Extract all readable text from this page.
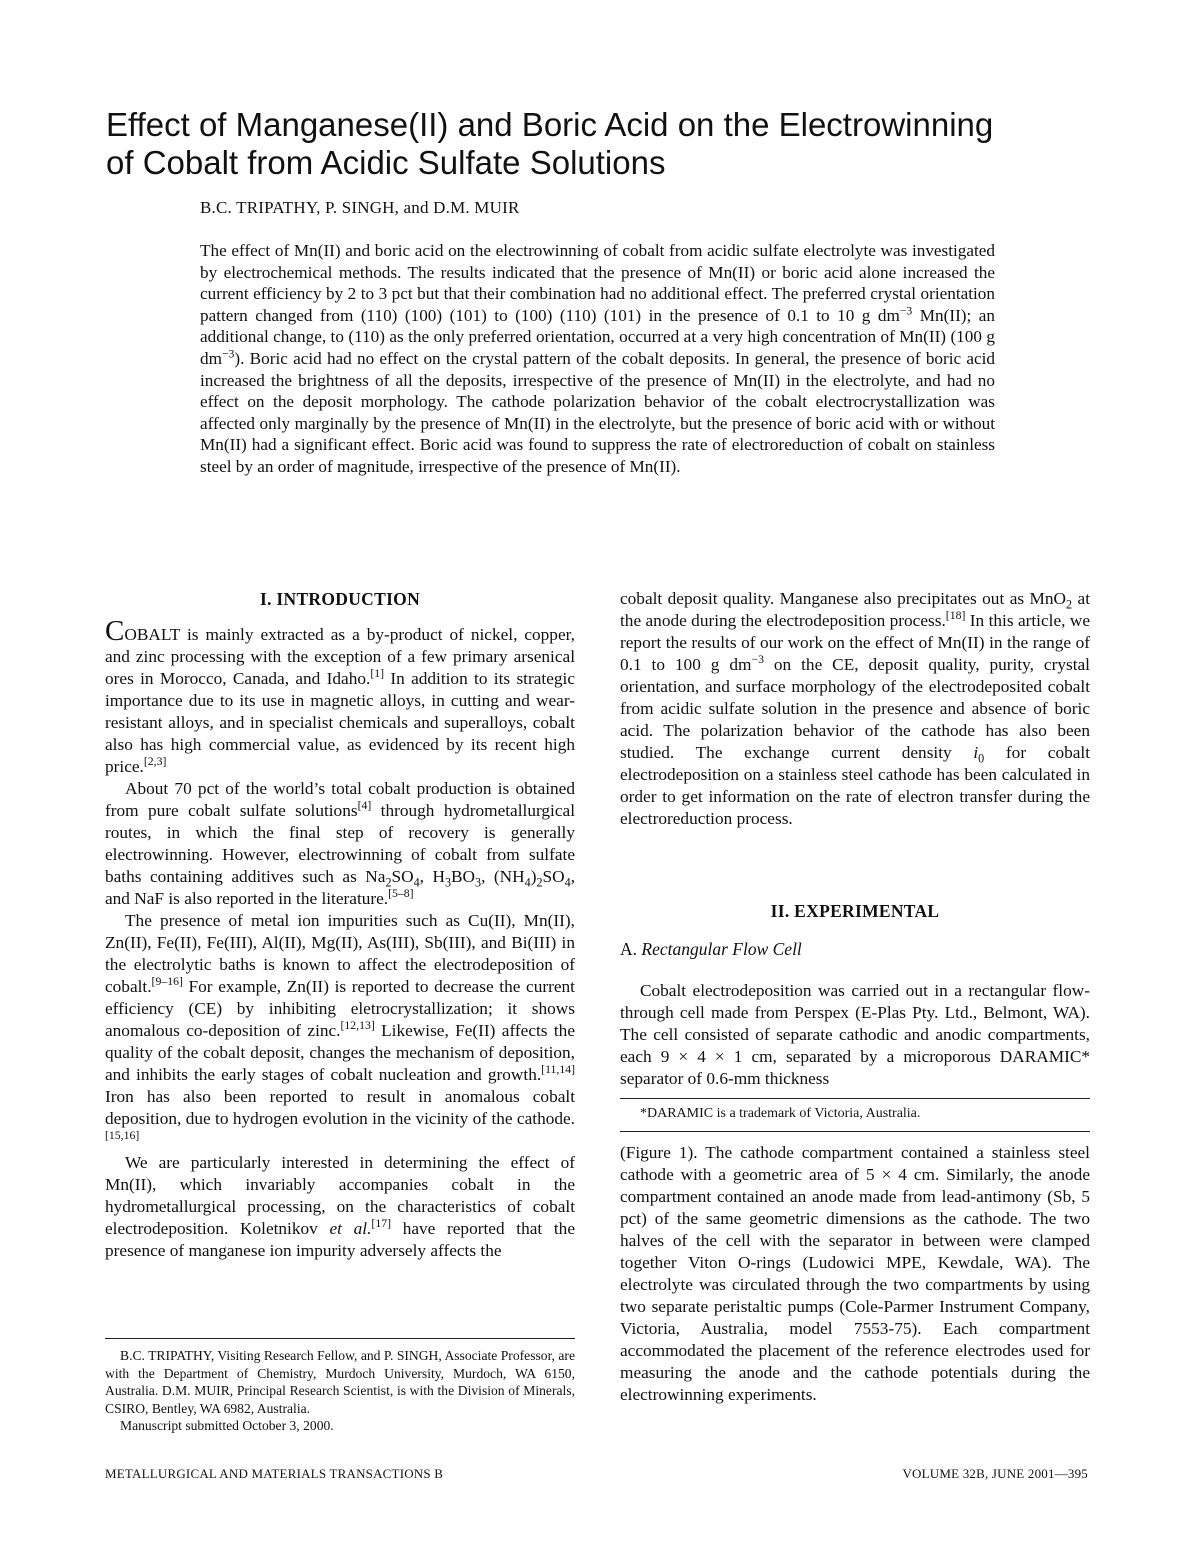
Effect of Manganese(II) and Boric Acid on the Electrowinning
of Cobalt from Acidic Sulfate Solutions
B.C. TRIPATHY, P. SINGH, and D.M. MUIR
The effect of Mn(II) and boric acid on the electrowinning of cobalt from acidic sulfate electrolyte was investigated by electrochemical methods. The results indicated that the presence of Mn(II) or boric acid alone increased the current efficiency by 2 to 3 pct but that their combination had no additional effect. The preferred crystal orientation pattern changed from (110) (100) (101) to (100) (110) (101) in the presence of 0.1 to 10 g $dm^{-3}$ Mn(II); an additional change, to (110) as the only preferred orientation, occurred at a very high concentration of Mn(II) (100 g $dm^{-3}$). Boric acid had no effect on the crystal pattern of the cobalt deposits. In general, the presence of boric acid increased the brightness of all the deposits, irrespective of the presence of Mn(II) in the electrolyte, and had no effect on the deposit morphology. The cathode polarization behavior of the cobalt electrocrystallization was affected only marginally by the presence of Mn(II) in the electrolyte, but the presence of boric acid with or without Mn(II) had a significant effect. Boric acid was found to suppress the rate of electroreduction of cobalt on stainless steel by an order of magnitude, irrespective of the presence of Mn(II).
I. INTRODUCTION

COBALT is mainly extracted as a by-product of nickel, copper, and zinc processing with the exception of a few primary arsenical ores in Morocco, Canada, and Idaho.[1] In addition to its strategic importance due to its use in magnetic alloys, in cutting and wear-resistant alloys, and in specialist chemicals and superalloys, cobalt also has high commercial value, as evidenced by its recent high price.[2,3]

About 70 pct of the world’s total cobalt production is obtained from pure cobalt sulfate solutions[4] through hydrometallurgical routes, in which the final step of recovery is generally electrowinning. However, electrowinning of cobalt from sulfate baths containing additives such as $Na_2SO_4$, $H_3BO_3$, $(NH_4)_2SO_4$, and NaF is also reported in the literature.[5–8]

The presence of metal ion impurities such as Cu(II), Mn(II), Zn(II), Fe(II), Fe(III), Al(II), Mg(II), As(III), Sb(III), and Bi(III) in the electrolytic baths is known to affect the electrodeposition of cobalt.[9–16] For example, Zn(II) is reported to decrease the current efficiency (CE) by inhibiting eletrocrystallization; it shows anomalous co-deposition of zinc.[12,13] Likewise, Fe(II) affects the quality of the cobalt deposit, changes the mechanism of deposition, and inhibits the early stages of cobalt nucleation and growth.[11,14] Iron has also been reported to result in anomalous cobalt deposition, due to hydrogen evolution in the vicinity of the cathode.[15,16]

We are particularly interested in determining the effect of Mn(II), which invariably accompanies cobalt in the hydrometallurgical processing, on the characteristics of cobalt electrodeposition. Koletnikov et al.[17] have reported that the presence of manganese ion impurity adversely affects the

cobalt deposit quality. Manganese also precipitates out as MnO$_2$ at the anode during the electrodeposition process.[18] In this article, we report the results of our work on the effect of Mn(II) in the range of 0.1 to 100 g $dm^{-3}$ on the CE, deposit quality, purity, crystal orientation, and surface morphology of the electrodeposited cobalt from acidic sulfate solution in the presence and absence of boric acid. The polarization behavior of the cathode has also been studied. The exchange current density $i_0$ for cobalt electrodeposition on a stainless steel cathode has been calculated in order to get information on the rate of electron transfer during the electroreduction process.

II. EXPERIMENTAL
A. Rectangular Flow Cell

Cobalt electrodeposition was carried out in a rectangular flow-through cell made from Perspex (E-Plas Pty. Ltd., Belmont, WA). The cell consisted of separate cathodic and anodic compartments, each 9 × 4 × 1 cm, separated by a microporous DARAMIC* separator of 0.6-mm thickness

*DARAMIC is a trademark of Victoria, Australia.

(Figure 1). The cathode compartment contained a stainless steel cathode with a geometric area of 5 × 4 cm. Similarly, the anode compartment contained an anode made from lead-antimony (Sb, 5 pct) of the same geometric dimensions as the cathode. The two halves of the cell with the separator in between were clamped together Viton O-rings (Ludowici MPE, Kewdale, WA). The electrolyte was circulated through the two compartments by using two separate peristaltic pumps (Cole-Parmer Instrument Company, Victoria, Australia, model 7553-75). Each compartment accommodated the placement of the reference electrodes used for measuring the anode and the cathode potentials during the electrowinning experiments.

B.C. TRIPATHY, Visiting Research Fellow, and P. SINGH, Associate Professor, are with the Department of Chemistry, Murdoch University, Murdoch, WA 6150, Australia. D.M. MUIR, Principal Research Scientist, is with the Division of Minerals, CSIRO, Bentley, WA 6982, Australia.

Manuscript submitted October 3, 2000.

METALLURGICAL AND MATERIALS TRANSACTIONS B	VOLUME 32B, JUNE 2001—395
